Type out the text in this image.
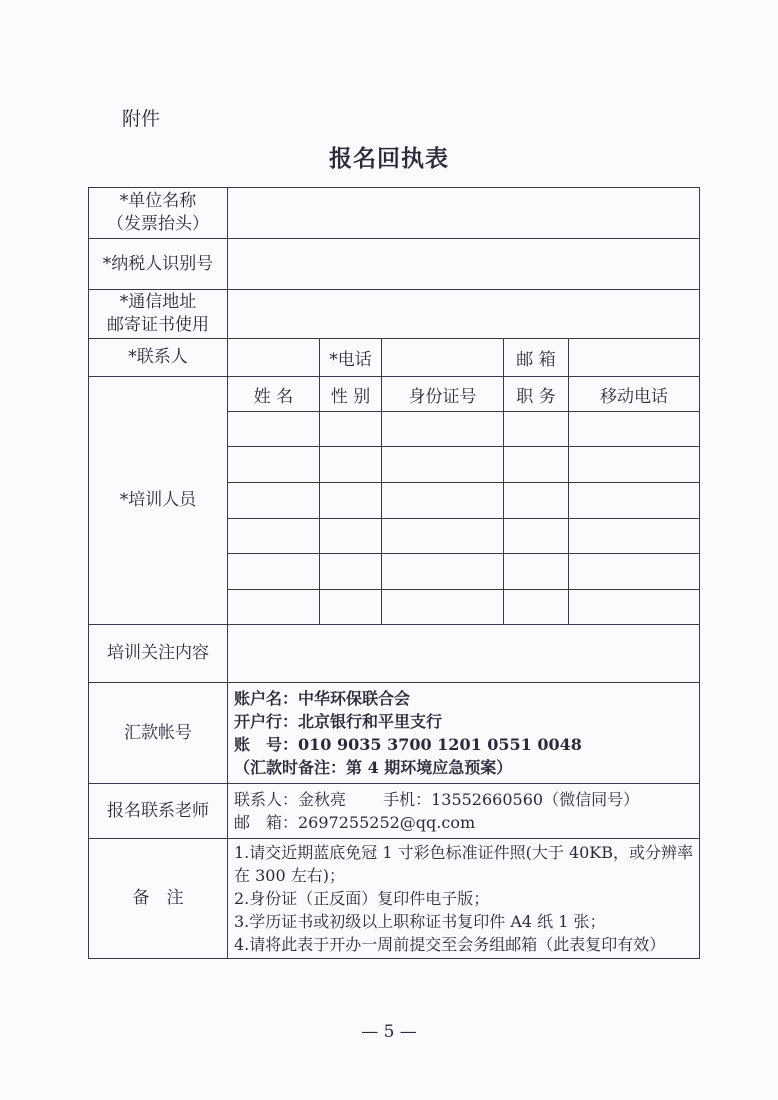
附件
报名回执表
*单位名称
（发票抬头）					

*纳税人识别号					

*通信地址
邮寄证书使用					

*联系人		*电话		邮 箱	
*培训人员	姓 名	性 别	身份证号	职 务	移动电话

培训关注内容					
汇款帐号	账户名：中华环保联合会
开户行：北京银行和平里支行
账　号：010 9035 3700 1201 0551 0048
（汇款时备注：第 4 期环境应急预案）				

报名联系老师	联系人：金秋亮　　 手机：13552660560（微信同号）
邮　箱：2697255252@qq.com				

备　注	1.请交近期蓝底免冠 1 寸彩色标准证件照(大于 40KB，或分辨率在 300 左右)；
2.身份证（正反面）复印件电子版；
3.学历证书或初级以上职称证书复印件 A4 纸 1 张；
4.请将此表于开办一周前提交至会务组邮箱（此表复印有效）				
— 5 —
